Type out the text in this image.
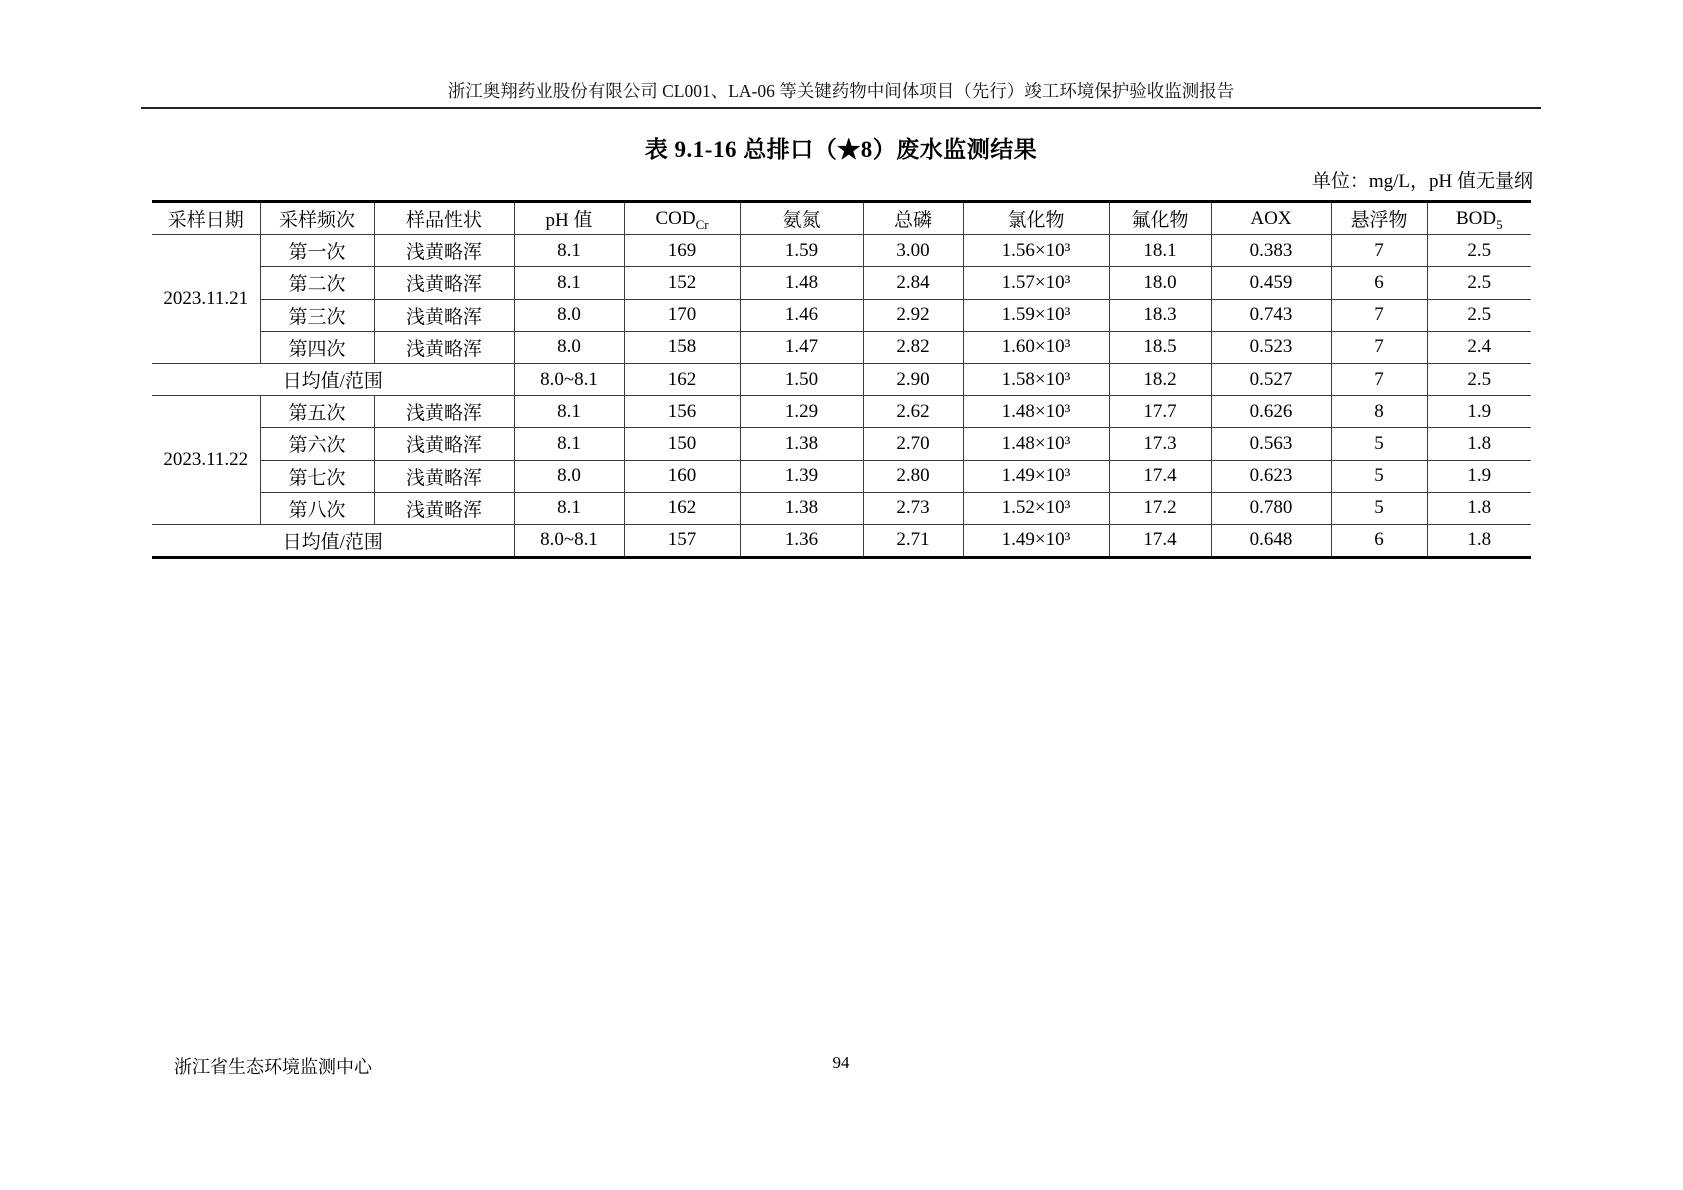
浙江奥翔药业股份有限公司 CL001、LA-06 等关键药物中间体项目（先行）竣工环境保护验收监测报告
表 9.1-16 总排口（★8）废水监测结果
单位：mg/L，pH 值无量纲
采样日期	采样频次	样品性状	pH 值	$COD_{Cr}$	氨氮	总磷	氯化物	氟化物	AOX	悬浮物	$BOD_5$
2023.11.21	第一次	浅黄略浑	8.1	169	1.59	3.00	1.56×10³	18.1	0.383	7	2.5
	第二次	浅黄略浑	8.1	152	1.48	2.84	1.57×10³	18.0	0.459	6	2.5
	第三次	浅黄略浑	8.0	170	1.46	2.92	1.59×10³	18.3	0.743	7	2.5
	第四次	浅黄略浑	8.0	158	1.47	2.82	1.60×10³	18.5	0.523	7	2.4
日均值/范围			8.0~8.1	162	1.50	2.90	1.58×10³	18.2	0.527	7	2.5
2023.11.22	第五次	浅黄略浑	8.1	156	1.29	2.62	1.48×10³	17.7	0.626	8	1.9
	第六次	浅黄略浑	8.1	150	1.38	2.70	1.48×10³	17.3	0.563	5	1.8
	第七次	浅黄略浑	8.0	160	1.39	2.80	1.49×10³	17.4	0.623	5	1.9
	第八次	浅黄略浑	8.1	162	1.38	2.73	1.52×10³	17.2	0.780	5	1.8
日均值/范围			8.0~8.1	157	1.36	2.71	1.49×10³	17.4	0.648	6	1.8
浙江省生态环境监测中心	94
